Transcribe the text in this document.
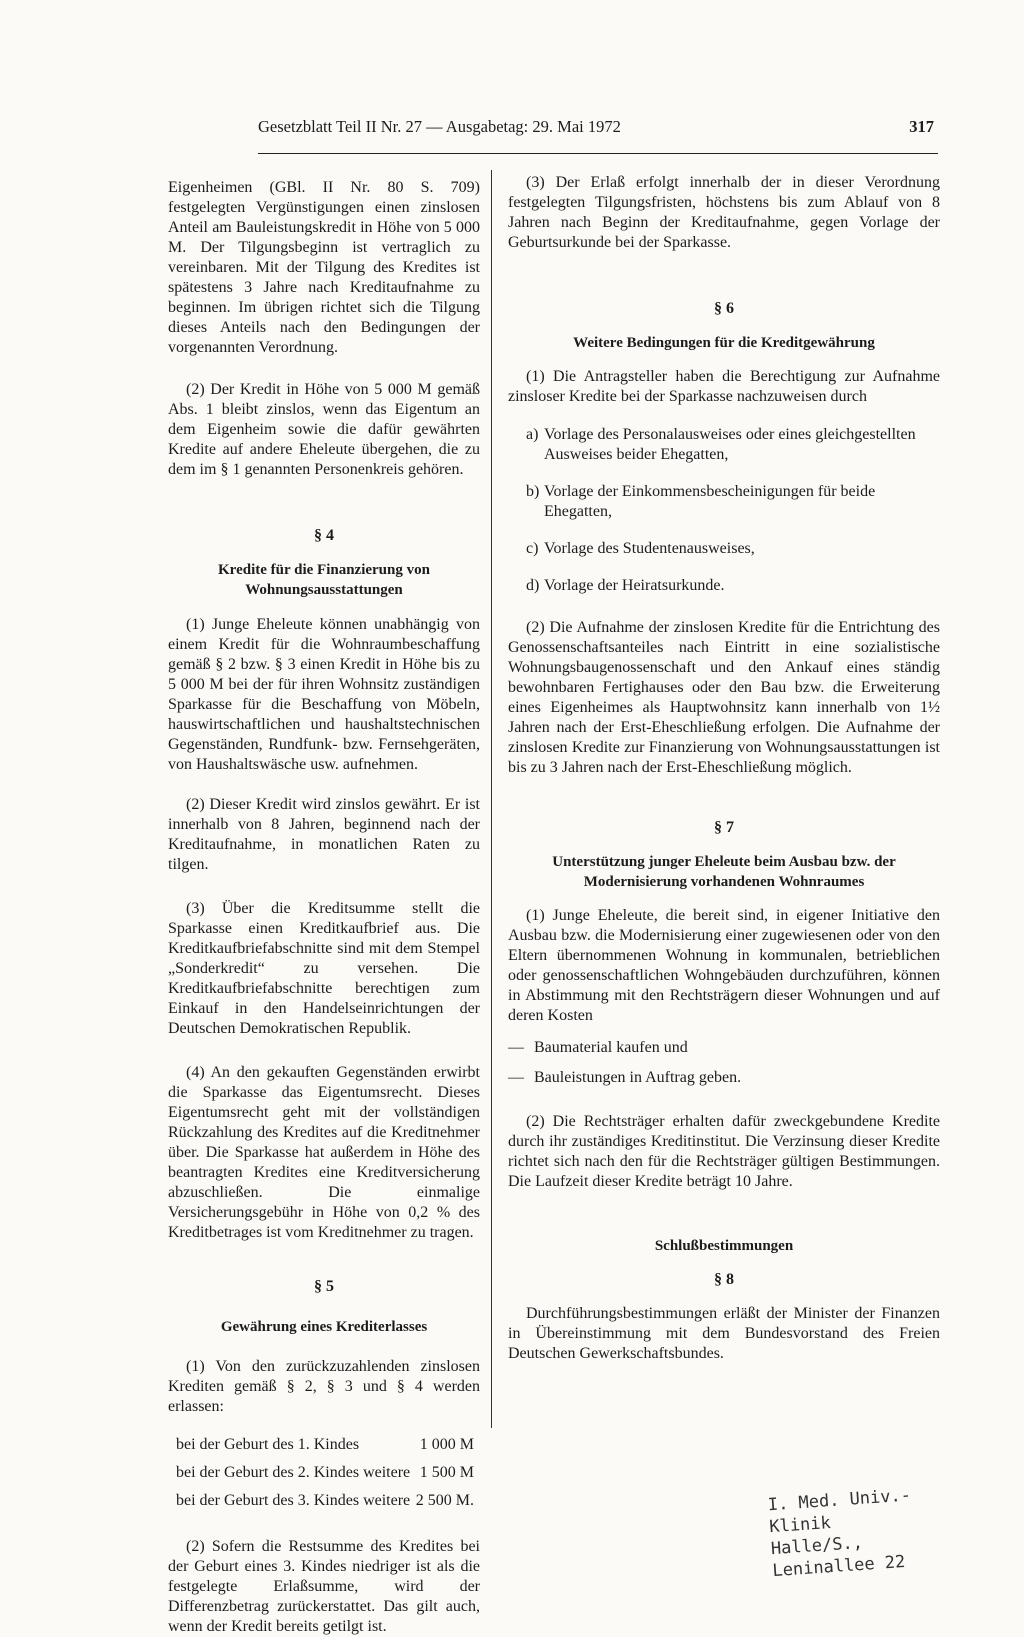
Gesetzblatt Teil II Nr. 27 — Ausgabetag: 29. Mai 1972	317

Eigenheimen (GBl. II Nr. 80 S. 709) festgelegten Vergünstigungen einen zinslosen Anteil am Bauleistungskredit in Höhe von 5 000 M. Der Tilgungsbeginn ist vertraglich zu vereinbaren. Mit der Tilgung des Kredites ist spätestens 3 Jahre nach Kreditaufnahme zu beginnen. Im übrigen richtet sich die Tilgung dieses Anteils nach den Bedingungen der vorgenannten Verordnung.

(2) Der Kredit in Höhe von 5 000 M gemäß Abs. 1 bleibt zinslos, wenn das Eigentum an dem Eigenheim sowie die dafür gewährten Kredite auf andere Eheleute übergehen, die zu dem im § 1 genannten Personenkreis gehören.

§ 4
Kredite für die Finanzierung von Wohnungsausstattungen

(1) Junge Eheleute können unabhängig von einem Kredit für die Wohnraumbeschaffung gemäß § 2 bzw. § 3 einen Kredit in Höhe bis zu 5 000 M bei der für ihren Wohnsitz zuständigen Sparkasse für die Beschaffung von Möbeln, hauswirtschaftlichen und haushaltstechnischen Gegenständen, Rundfunk- bzw. Fernsehgeräten, von Haushaltswäsche usw. aufnehmen.

(2) Dieser Kredit wird zinslos gewährt. Er ist innerhalb von 8 Jahren, beginnend nach der Kreditaufnahme, in monatlichen Raten zu tilgen.

(3) Über die Kreditsumme stellt die Sparkasse einen Kreditkaufbrief aus. Die Kreditkaufbriefabschnitte sind mit dem Stempel „Sonderkredit“ zu versehen. Die Kreditkaufbriefabschnitte berechtigen zum Einkauf in den Handelseinrichtungen der Deutschen Demokratischen Republik.

(4) An den gekauften Gegenständen erwirbt die Sparkasse das Eigentumsrecht. Dieses Eigentumsrecht geht mit der vollständigen Rückzahlung des Kredites auf die Kreditnehmer über. Die Sparkasse hat außerdem in Höhe des beantragten Kredites eine Kreditversicherung abzuschließen. Die einmalige Versicherungsgebühr in Höhe von 0,2 % des Kreditbetrages ist vom Kreditnehmer zu tragen.

§ 5
Gewährung eines Krediterlasses

(1) Von den zurückzuzahlenden zinslosen Krediten gemäß § 2, § 3 und § 4 werden erlassen:

bei der Geburt des 1. Kindes	1 000 M
bei der Geburt des 2. Kindes weitere	1 500 M
bei der Geburt des 3. Kindes weitere	2 500 M.

(2) Sofern die Restsumme des Kredites bei der Geburt eines 3. Kindes niedriger ist als die festgelegte Erlaßsumme, wird der Differenzbetrag zurückerstattet. Das gilt auch, wenn der Kredit bereits getilgt ist.

(3) Der Erlaß erfolgt innerhalb der in dieser Verordnung festgelegten Tilgungsfristen, höchstens bis zum Ablauf von 8 Jahren nach Beginn der Kreditaufnahme, gegen Vorlage der Geburtsurkunde bei der Sparkasse.

§ 6
Weitere Bedingungen für die Kreditgewährung

(1) Die Antragsteller haben die Berechtigung zur Aufnahme zinsloser Kredite bei der Sparkasse nachzuweisen durch

a) Vorlage des Personalausweises oder eines gleichgestellten Ausweises beider Ehegatten,
b) Vorlage der Einkommensbescheinigungen für beide Ehegatten,
c) Vorlage des Studentenausweises,
d) Vorlage der Heiratsurkunde.

(2) Die Aufnahme der zinslosen Kredite für die Entrichtung des Genossenschaftsanteiles nach Eintritt in eine sozialistische Wohnungsbaugenossenschaft und den Ankauf eines ständig bewohnbaren Fertighauses oder den Bau bzw. die Erweiterung eines Eigenheimes als Hauptwohnsitz kann innerhalb von 1½ Jahren nach der Erst-Eheschließung erfolgen. Die Aufnahme der zinslosen Kredite zur Finanzierung von Wohnungsausstattungen ist bis zu 3 Jahren nach der Erst-Eheschließung möglich.

§ 7
Unterstützung junger Eheleute beim Ausbau bzw. der Modernisierung vorhandenen Wohnraumes

(1) Junge Eheleute, die bereit sind, in eigener Initiative den Ausbau bzw. die Modernisierung einer zugewiesenen oder von den Eltern übernommenen Wohnung in kommunalen, betrieblichen oder genossenschaftlichen Wohngebäuden durchzuführen, können in Abstimmung mit den Rechtsträgern dieser Wohnungen und auf deren Kosten

— Baumaterial kaufen und
— Bauleistungen in Auftrag geben.

(2) Die Rechtsträger erhalten dafür zweckgebundene Kredite durch ihr zuständiges Kreditinstitut. Die Verzinsung dieser Kredite richtet sich nach den für die Rechtsträger gültigen Bestimmungen. Die Laufzeit dieser Kredite beträgt 10 Jahre.

Schlußbestimmungen
§ 8

Durchführungsbestimmungen erläßt der Minister der Finanzen in Übereinstimmung mit dem Bundesvorstand des Freien Deutschen Gewerkschaftsbundes.

I. Med. Univ.-Klinik
Halle/S., Leninallee 22
